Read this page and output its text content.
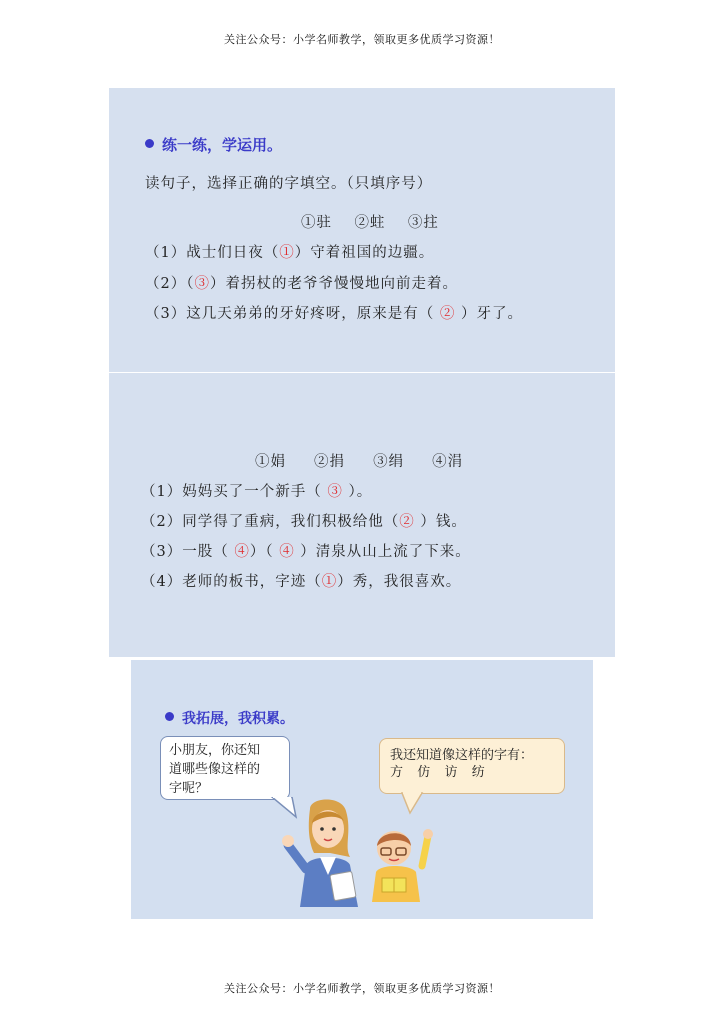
关注公众号：小学名师教学，领取更多优质学习资源！
练一练，学运用。
读句子，选择正确的字填空。（只填序号）
①驻 ②蛀 ③拄
（1）战士们日夜（①）守着祖国的边疆。
（2）（③）着拐杖的老爷爷慢慢地向前走着。
（3）这几天弟弟的牙好疼呀，原来是有（ ② ）牙了。
①娟 ②捐 ③绢 ④涓
（1）妈妈买了一个新手（ ③ ）。
（2）同学得了重病，我们积极给他（② ）钱。
（3）一股（ ④）（ ④ ）清泉从山上流了下来。
（4）老师的板书，字迹（①）秀，我很喜欢。
我拓展，我积累。
小朋友，你还知
道哪些像这样的
字呢？
我还知道像这样的字有：
方  仿  访  纺
关注公众号：小学名师教学，领取更多优质学习资源！
